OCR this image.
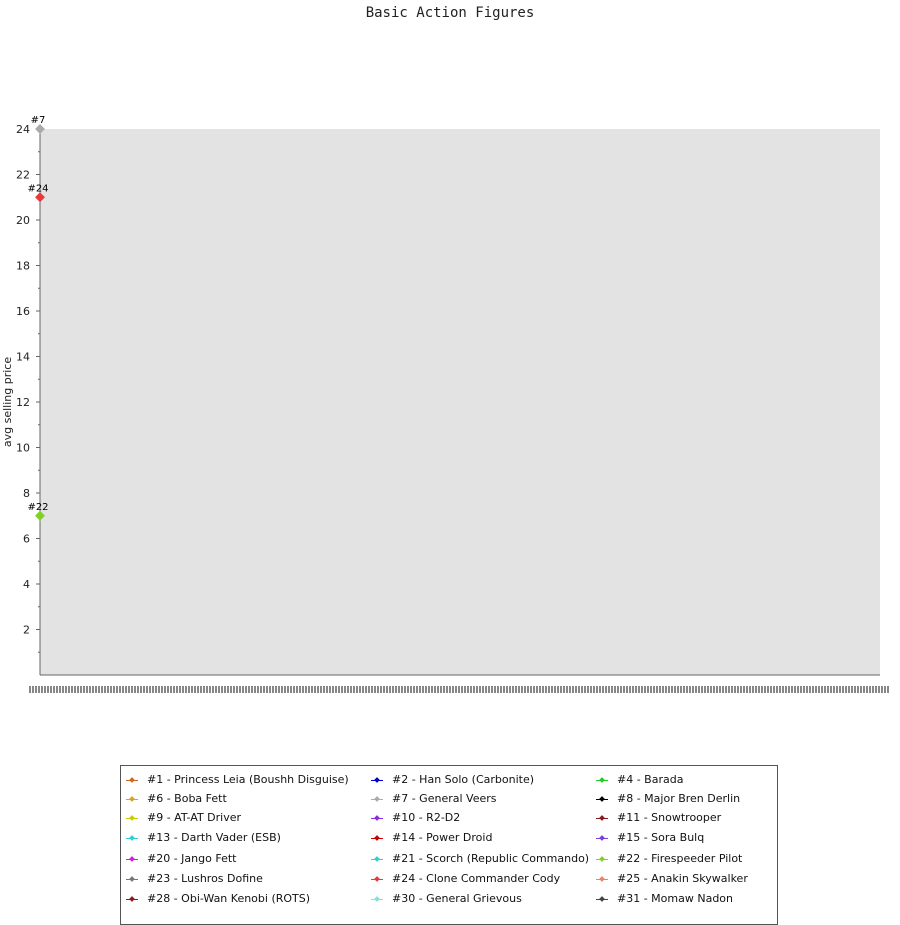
Basic Action Figures
2
4
6
8
10
12
14
16
18
20
22
24
#7
#24
#22
avg selling price
#1 - Princess Leia (Boushh Disguise)	#2 - Han Solo (Carbonite)	#4 - Barada
#6 - Boba Fett	#7 - General Veers	#8 - Major Bren Derlin
#9 - AT-AT Driver	#10 - R2-D2	#11 - Snowtrooper
#13 - Darth Vader (ESB)	#14 - Power Droid	#15 - Sora Bulq
#20 - Jango Fett	#21 - Scorch (Republic Commando)	#22 - Firespeeder Pilot
#23 - Lushros Dofine	#24 - Clone Commander Cody	#25 - Anakin Skywalker
#28 - Obi-Wan Kenobi (ROTS)	#30 - General Grievous	#31 - Momaw Nadon
